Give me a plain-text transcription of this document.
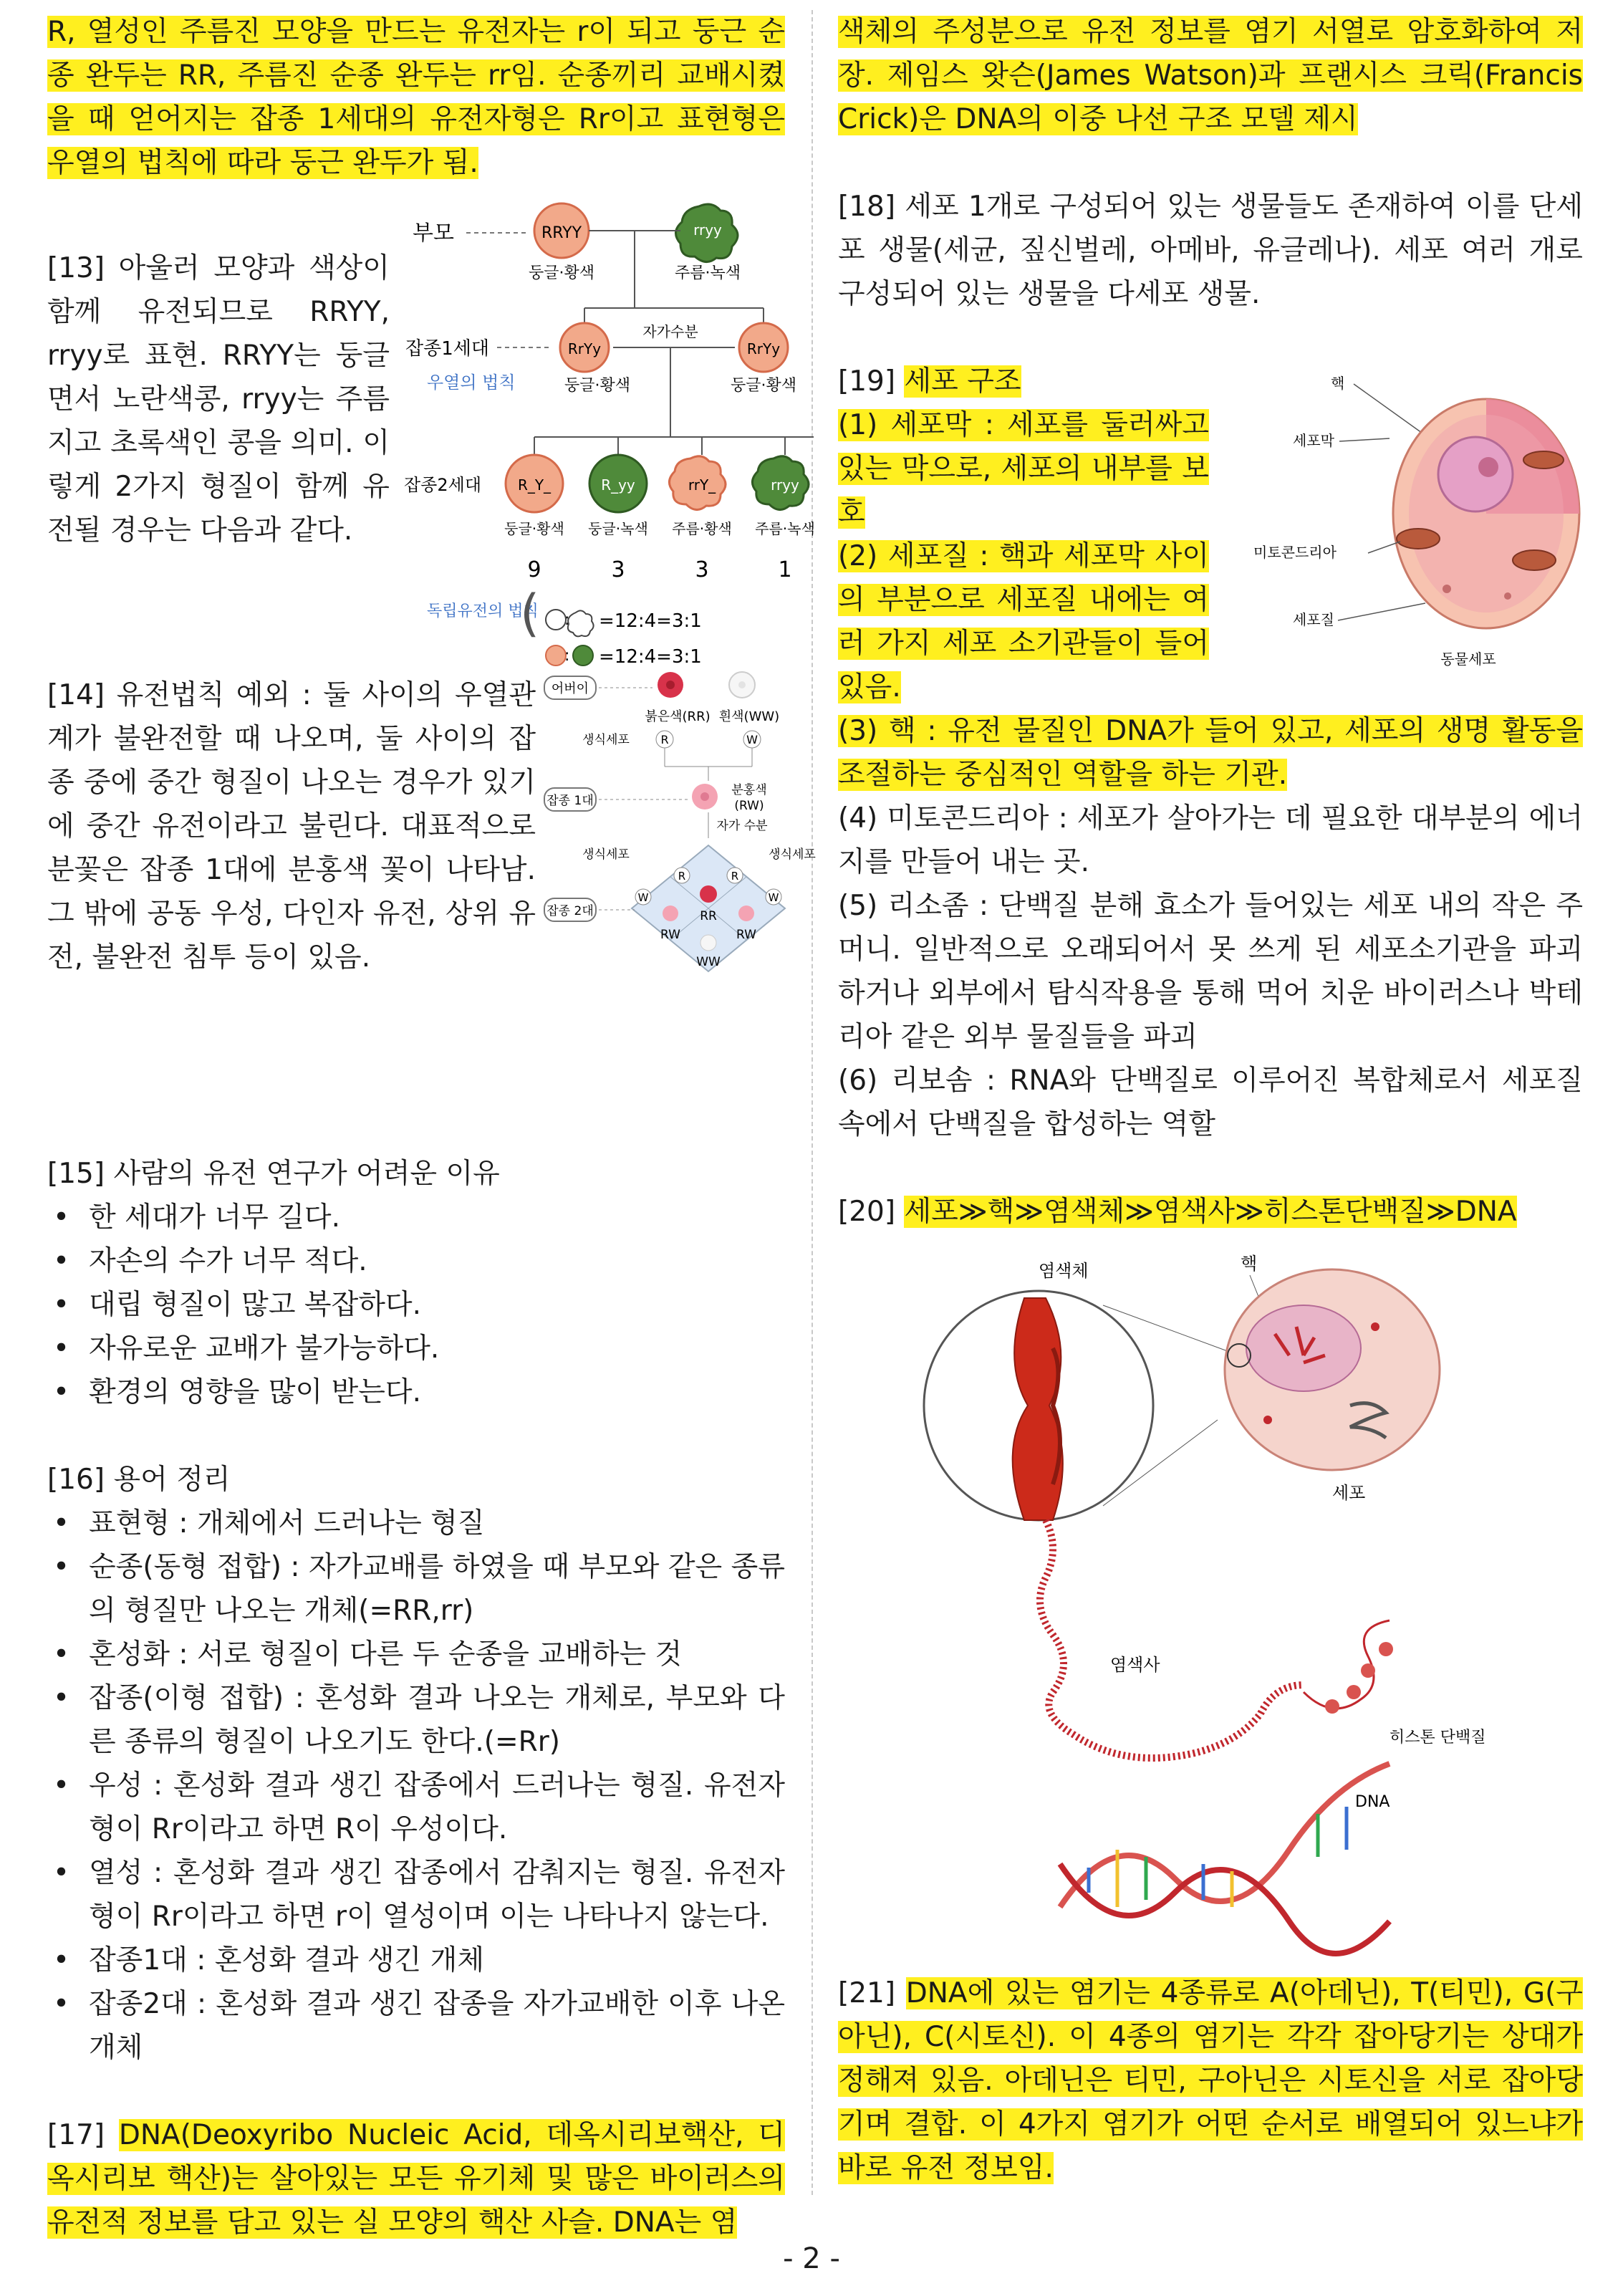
R, 열성인 주름진 모양을 만드는 유전자는 r이 되고 둥근 순종 완두는 RR, 주름진 순종 완두는 rr임. 순종끼리 교배시켰을 때 얻어지는 잡종 1세대의 유전자형은 Rr이고 표현형은 우열의 법칙에 따라 둥근 완두가 됨.

[13] 아울러 모양과 색상이 함께 유전되므로 RRYY, rryy로 표현. RRYY는 둥글면서 노란색콩, rryy는 주름지고 초록색인 콩을 의미. 이렇게 2가지 형질이 함께 유전될 경우는 다음과 같다.

부모	RRYY
둥글·황색
rryy
주름·녹색
잡종1세대	RrYy
둥글·황색
자가수분
RrYy
둥글·황색
우열의 법칙
잡종2세대	R_Y_
둥글·황색
9
R_yy
둥글·녹색
3
rrY_
주름·황색
3
rryy
주름·녹색
1
독립유전의 법칙
( : =12:4=3:1
: =12:4=3:1

[14] 유전법칙 예외 : 둘 사이의 우열관계가 불완전할 때 나오며, 둘 사이의 잡종 중에 중간 형질이 나오는 경우가 있기에 중간 유전이라고 불린다. 대표적으로 분꽃은 잡종 1대에 분홍색 꽃이 나타남. 그 밖에 공동 우성, 다인자 유전, 상위 유전, 불완전 침투 등이 있음.

어버이
붉은색(RR) 흰색(WW)
생식세포	R	W
잡종 1대
분홍색
(RW)
자가 수분
생식세포	생식세포
R	R
W	W
RR
RW	RW
WW
잡종 2대

[15] 사람의 유전 연구가 어려운 이유

• 한 세대가 너무 길다.
• 자손의 수가 너무 적다.
• 대립 형질이 많고 복잡하다.
• 자유로운 교배가 불가능하다.
• 환경의 영향을 많이 받는다.

[16] 용어 정리

• 표현형 : 개체에서 드러나는 형질
• 순종(동형 접합) : 자가교배를 하였을 때 부모와 같은 종류의 형질만 나오는 개체(=RR,rr)
• 혼성화 : 서로 형질이 다른 두 순종을 교배하는 것
• 잡종(이형 접합) : 혼성화 결과 나오는 개체로, 부모와 다른 종류의 형질이 나오기도 한다.(=Rr)
• 우성 : 혼성화 결과 생긴 잡종에서 드러나는 형질. 유전자형이 Rr이라고 하면 R이 우성이다.
• 열성 : 혼성화 결과 생긴 잡종에서 감춰지는 형질. 유전자형이 Rr이라고 하면 r이 열성이며 이는 나타나지 않는다.
• 잡종1대 : 혼성화 결과 생긴 개체
• 잡종2대 : 혼성화 결과 생긴 잡종을 자가교배한 이후 나온 개체

[17] DNA(Deoxyribo Nucleic Acid, 데옥시리보핵산, 디옥시리보 핵산)는 살아있는 모든 유기체 및 많은 바이러스의 유전적 정보를 담고 있는 실 모양의 핵산 사슬. DNA는 염

색체의 주성분으로 유전 정보를 염기 서열로 암호화하여 저장. 제임스 왓슨(James Watson)과 프랜시스 크릭(Francis Crick)은 DNA의 이중 나선 구조 모델 제시

[18] 세포 1개로 구성되어 있는 생물들도 존재하여 이를 단세포 생물(세균, 짚신벌레, 아메바, 유글레나). 세포 여러 개로 구성되어 있는 생물을 다세포 생물.

[19] 세포 구조

(1) 세포막 : 세포를 둘러싸고 있는 막으로, 세포의 내부를 보호

(2) 세포질 : 핵과 세포막 사이의 부분으로 세포질 내에는 여러 가지 세포 소기관들이 들어 있음.

핵
세포막
미토콘드리아
세포질
동물세포

(3) 핵 : 유전 물질인 DNA가 들어 있고, 세포의 생명 활동을 조절하는 중심적인 역할을 하는 기관.

(4) 미토콘드리아 : 세포가 살아가는 데 필요한 대부분의 에너지를 만들어 내는 곳.

(5) 리소좀 : 단백질 분해 효소가 들어있는 세포 내의 작은 주머니. 일반적으로 오래되어서 못 쓰게 된 세포소기관을 파괴하거나 외부에서 탐식작용을 통해 먹어 치운 바이러스나 박테리아 같은 외부 물질들을 파괴

(6) 리보솜 : RNA와 단백질로 이루어진 복합체로서 세포질 속에서 단백질을 합성하는 역할

[20] 세포≫핵≫염색체≫염색사≫히스톤단백질≫DNA

염색체	핵
세포
염색사
히스톤 단백질
DNA

[21] DNA에 있는 염기는 4종류로 A(아데닌), T(티민), G(구아닌), C(시토신). 이 4종의 염기는 각각 잡아당기는 상대가 정해져 있음. 아데닌은 티민, 구아닌은 시토신을 서로 잡아당기며 결합. 이 4가지 염기가 어떤 순서로 배열되어 있느냐가 바로 유전 정보임.

- 2 -
